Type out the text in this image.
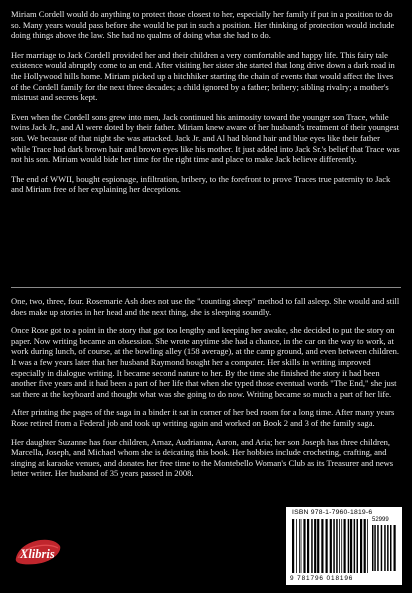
Miriam Cordell would do anything to protect those closest to her, especially her family if put in a position to do so. Many years would pass before she would be put in such a position. Her thinking of protection would include doing things above the law. She had no qualms of doing what she had to do.

Her marriage to Jack Cordell provided her and their children a very comfortable and happy life. This fairy tale existence would abruptly come to an end. After visiting her sister she started that long drive down a dark road in the Hollywood hills home. Miriam picked up a hitchhiker starting the chain of events that would affect the lives of the Cordell family for the next three decades; a child ignored by a father; bribery; sibling rivalry; a mother's mistrust and secrets kept.

Even when the Cordell sons grew into men, Jack continued his animosity toward the younger son Trace, while twins Jack Jr., and Al were doted by their father. Miriam knew aware of her husband's treatment of their youngest son. We because of that night she was attacked. Jack Jr. and Al had blond hair and blue eyes like their father while Trace had dark brown hair and brown eyes like his mother. It just added into Jack Sr.'s belief that Trace was not his son. Miriam would bide her time for the right time and place to make Jack believe differently.

The end of WWII, bought espionage, infiltration, bribery, to the forefront to prove Traces true paternity to Jack and Miriam free of her explaining her deceptions.

One, two, three, four. Rosemarie Ash does not use the "counting sheep" method to fall asleep. She would and still does make up stories in her head and the next thing, she is sleeping soundly.

Once Rose got to a point in the story that got too lengthy and keeping her awake, she decided to put the story on paper. Now writing became an obsession. She wrote anytime she had a chance, in the car on the way to work, at work during lunch, of course, at the bowling alley (158 average), at the camp ground, and even between children. It was a few years later that her husband Raymond bought her a computer. Her skills in writing improved especially in dialogue writing. It became second nature to her. By the time she finished the story it had been another five years and it had been a part of her life that when she typed those eventual words "The End," she just sat there at the keyboard and thought what was she going to do now. Writing became so much a part of her life.

After printing the pages of the saga in a binder it sat in corner of her bed room for a long time. After many years Rose retired from a Federal job and took up writing again and worked on Book 2 and 3 of the family saga.

Her daughter Suzanne has four children, Arnaz, Audrianna, Aaron, and Aria; her son Joseph has three children, Marcella, Joseph, and Michael whom she is deicating this book. Her hobbies include crocheting, crafting, and singing at karaoke venues, and donates her free time to the Montebello Woman's Club as its Treasurer and news letter writer. Her husband of 35 years passed in 2008.

Xlibris
ISBN 978-1-7960-1819-6
52999
9 781796 018196
